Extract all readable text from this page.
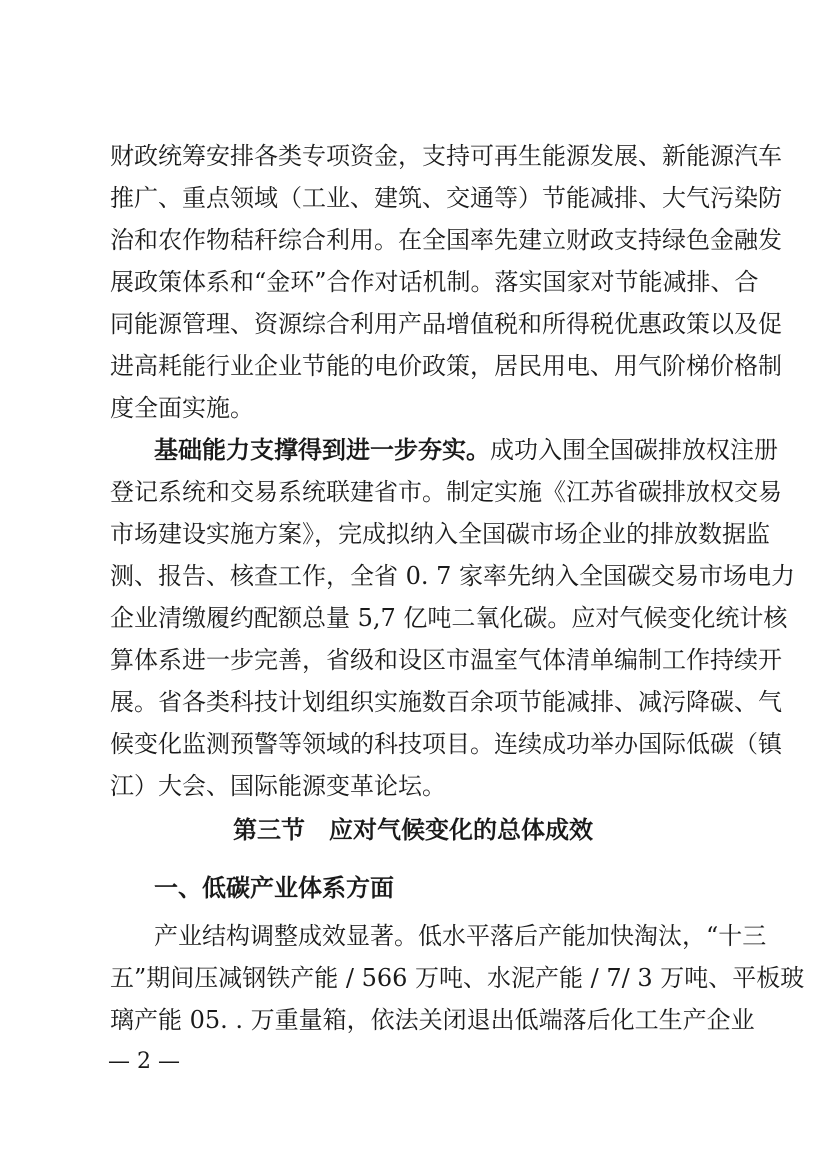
财政统筹安排各类专项资金，支持可再生能源发展、新能源汽车
推广、重点领域（工业、建筑、交通等）节能减排、大气污染防
治和农作物秸秆综合利用。在全国率先建立财政支持绿色金融发
展政策体系和“金环”合作对话机制。落实国家对节能减排、合
同能源管理、资源综合利用产品增值税和所得税优惠政策以及促
进高耗能行业企业节能的电价政策，居民用电、用气阶梯价格制
度全面实施。
基础能力支撑得到进一步夯实。成功入围全国碳排放权注册
登记系统和交易系统联建省市。制定实施《江苏省碳排放权交易
市场建设实施方案》，完成拟纳入全国碳市场企业的排放数据监
测、报告、核查工作，全省 0. 7 家率先纳入全国碳交易市场电力
企业清缴履约配额总量 5,7 亿吨二氧化碳。应对气候变化统计核
算体系进一步完善，省级和设区市温室气体清单编制工作持续开
展。省各类科技计划组织实施数百余项节能减排、减污降碳、气
候变化监测预警等领域的科技项目。连续成功举办国际低碳（镇
江）大会、国际能源变革论坛。
第三节　应对气候变化的总体成效
一、低碳产业体系方面
产业结构调整成效显著。低水平落后产能加快淘汰，“十三
五”期间压减钢铁产能 / 566 万吨、水泥产能 / 7/ 3 万吨、平板玻
璃产能 05. . 万重量箱，依法关闭退出低端落后化工生产企业
— 2 —
